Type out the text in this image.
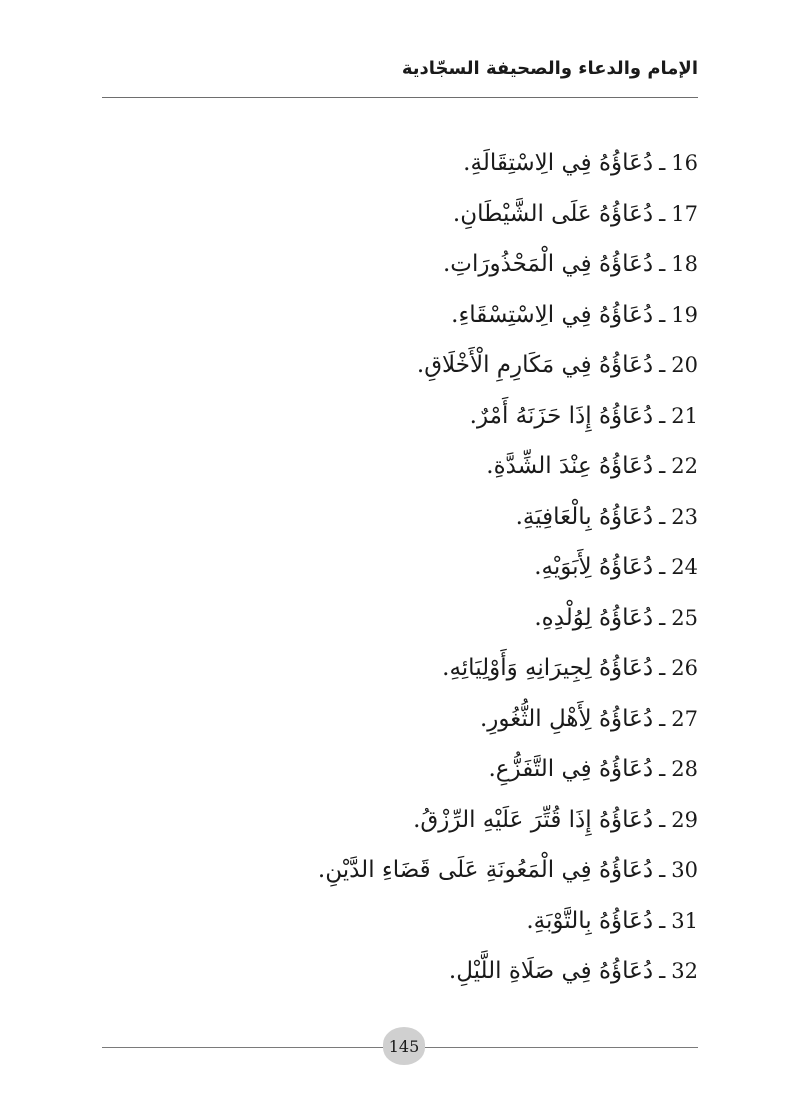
الإمام والدعاء والصحيفة السجّادية
16
ـ
دُعَاؤُهُ فِي الِاسْتِقَالَةِ.
17
ـ
دُعَاؤُهُ عَلَى الشَّيْطَانِ.
18
ـ
دُعَاؤُهُ فِي الْمَحْذُورَاتِ.
19
ـ
دُعَاؤُهُ فِي الِاسْتِسْقَاءِ.
20
ـ
دُعَاؤُهُ فِي مَكَارِمِ الْأَخْلَاقِ.
21
ـ
دُعَاؤُهُ إِذَا حَزَنَهُ أَمْرٌ.
22
ـ
دُعَاؤُهُ عِنْدَ الشِّدَّةِ.
23
ـ
دُعَاؤُهُ بِالْعَافِيَةِ.
24
ـ
دُعَاؤُهُ لِأَبَوَيْهِ.
25
ـ
دُعَاؤُهُ لِوُلْدِهِ.
26
ـ
دُعَاؤُهُ لِجِيرَانِهِ وَأَوْلِيَائِهِ.
27
ـ
دُعَاؤُهُ لِأَهْلِ الثُّغُورِ.
28
ـ
دُعَاؤُهُ فِي التَّفَزُّعِ.
29
ـ
دُعَاؤُهُ إِذَا قُتِّرَ عَلَيْهِ الرِّزْقُ.
30
ـ
دُعَاؤُهُ فِي الْمَعُونَةِ عَلَى قَضَاءِ الدَّيْنِ.
31
ـ
دُعَاؤُهُ بِالتَّوْبَةِ.
32
ـ
دُعَاؤُهُ فِي صَلَاةِ اللَّيْلِ.
145
